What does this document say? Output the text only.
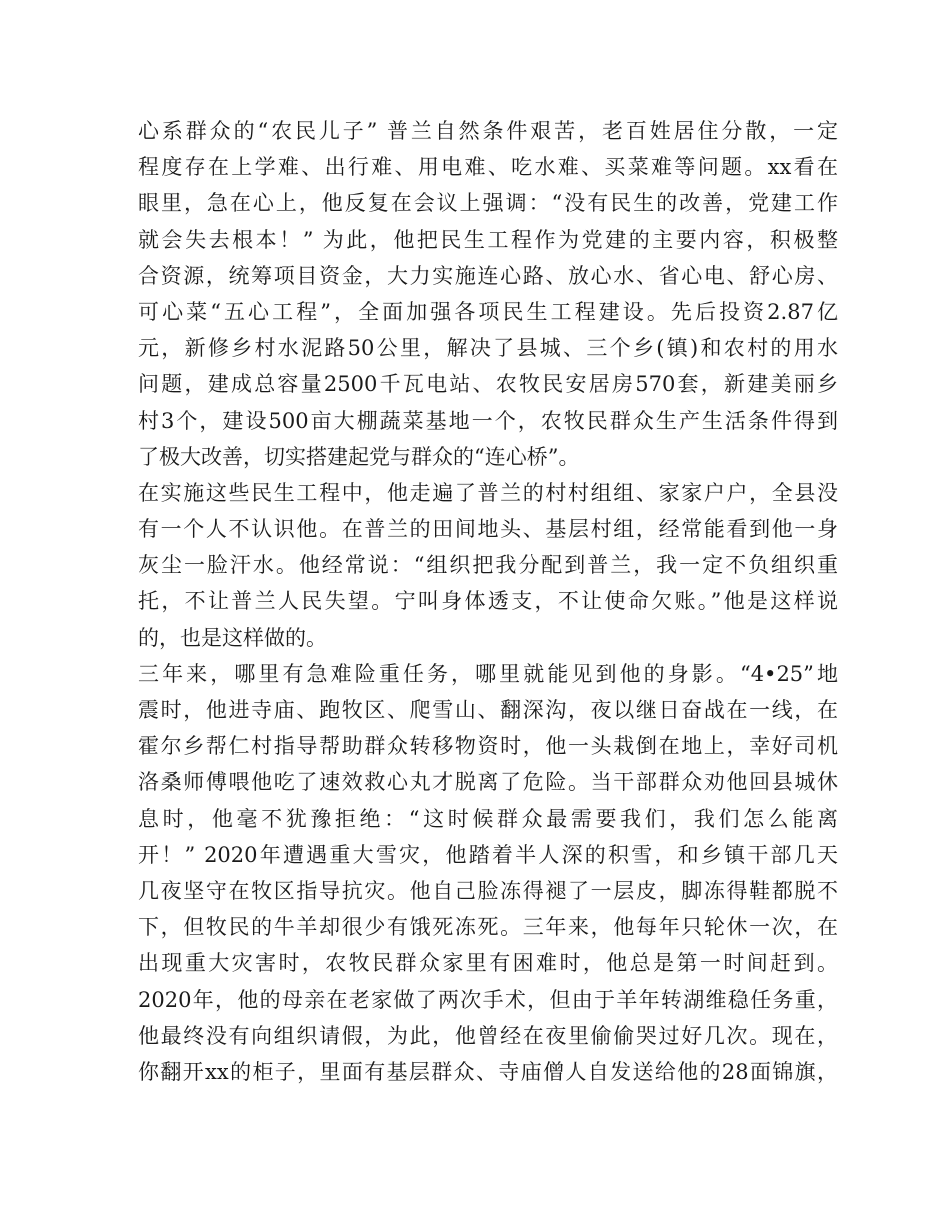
心系群众的“农民儿子” 普兰自然条件艰苦，老百姓居住分散，一定
程度存在上学难、出行难、用电难、吃水难、买菜难等问题。xx看在
眼里，急在心上，他反复在会议上强调：“没有民生的改善，党建工作
就会失去根本！” 为此，他把民生工程作为党建的主要内容，积极整
合资源，统筹项目资金，大力实施连心路、放心水、省心电、舒心房、
可心菜“五心工程”，全面加强各项民生工程建设。先后投资2.87亿
元，新修乡村水泥路50公里，解决了县城、三个乡(镇)和农村的用水
问题，建成总容量2500千瓦电站、农牧民安居房570套，新建美丽乡
村3个，建设500亩大棚蔬菜基地一个，农牧民群众生产生活条件得到
了极大改善，切实搭建起党与群众的“连心桥”。
在实施这些民生工程中，他走遍了普兰的村村组组、家家户户，全县没
有一个人不认识他。在普兰的田间地头、基层村组，经常能看到他一身
灰尘一脸汗水。他经常说：“组织把我分配到普兰，我一定不负组织重
托，不让普兰人民失望。宁叫身体透支，不让使命欠账。”他是这样说
的，也是这样做的。
三年来，哪里有急难险重任务，哪里就能见到他的身影。“4•25”地
震时，他进寺庙、跑牧区、爬雪山、翻深沟，夜以继日奋战在一线，在
霍尔乡帮仁村指导帮助群众转移物资时，他一头栽倒在地上，幸好司机
洛桑师傅喂他吃了速效救心丸才脱离了危险。当干部群众劝他回县城休
息时，他毫不犹豫拒绝：“这时候群众最需要我们，我们怎么能离
开！” 2020年遭遇重大雪灾，他踏着半人深的积雪，和乡镇干部几天
几夜坚守在牧区指导抗灾。他自己脸冻得褪了一层皮，脚冻得鞋都脱不
下，但牧民的牛羊却很少有饿死冻死。三年来，他每年只轮休一次，在
出现重大灾害时，农牧民群众家里有困难时，他总是第一时间赶到。
2020年，他的母亲在老家做了两次手术，但由于羊年转湖维稳任务重，
他最终没有向组织请假，为此，他曾经在夜里偷偷哭过好几次。现在，
你翻开xx的柜子，里面有基层群众、寺庙僧人自发送给他的28面锦旗，
